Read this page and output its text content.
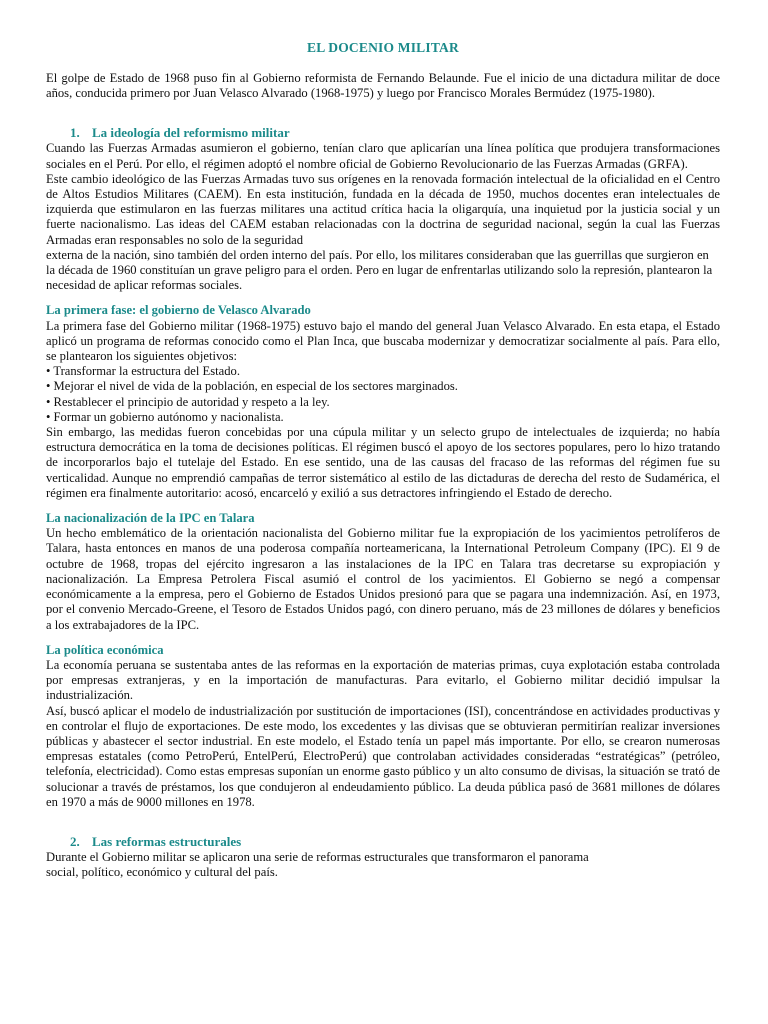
EL DOCENIO MILITAR

El golpe de Estado de 1968 puso fin al Gobierno reformista de Fernando Belaunde. Fue el inicio de una dictadura militar de doce años, conducida primero por Juan Velasco Alvarado (1968-1975) y luego por Francisco Morales Bermúdez (1975-1980).

1. La ideología del reformismo militar

Cuando las Fuerzas Armadas asumieron el gobierno, tenían claro que aplicarían una línea política que produjera transformaciones sociales en el Perú. Por ello, el régimen adoptó el nombre oficial de Gobierno Revolucionario de las Fuerzas Armadas (GRFA).

Este cambio ideológico de las Fuerzas Armadas tuvo sus orígenes en la renovada formación intelectual de la oficialidad en el Centro de Altos Estudios Militares (CAEM). En esta institución, fundada en la década de 1950, muchos docentes eran intelectuales de izquierda que estimularon en las fuerzas militares una actitud crítica hacia la oligarquía, una inquietud por la justicia social y un fuerte nacionalismo. Las ideas del CAEM estaban relacionadas con la doctrina de seguridad nacional, según la cual las Fuerzas Armadas eran responsables no solo de la seguridad

externa de la nación, sino también del orden interno del país. Por ello, los militares consideraban que las guerrillas que surgieron en la década de 1960 constituían un grave peligro para el orden. Pero en lugar de enfrentarlas utilizando solo la represión, plantearon la necesidad de aplicar reformas sociales.

La primera fase: el gobierno de Velasco Alvarado

La primera fase del Gobierno militar (1968-1975) estuvo bajo el mando del general Juan Velasco Alvarado. En esta etapa, el Estado aplicó un programa de reformas conocido como el Plan Inca, que buscaba modernizar y democratizar socialmente al país. Para ello, se plantearon los siguientes objetivos:

• Transformar la estructura del Estado.
• Mejorar el nivel de vida de la población, en especial de los sectores marginados.
• Restablecer el principio de autoridad y respeto a la ley.
• Formar un gobierno autónomo y nacionalista.

Sin embargo, las medidas fueron concebidas por una cúpula militar y un selecto grupo de intelectuales de izquierda; no había estructura democrática en la toma de decisiones políticas. El régimen buscó el apoyo de los sectores populares, pero lo hizo tratando de incorporarlos bajo el tutelaje del Estado. En ese sentido, una de las causas del fracaso de las reformas del régimen fue su verticalidad. Aunque no emprendió campañas de terror sistemático al estilo de las dictaduras de derecha del resto de Sudamérica, el régimen era finalmente autoritario: acosó, encarceló y exilió a sus detractores infringiendo el Estado de derecho.

La nacionalización de la IPC en Talara

Un hecho emblemático de la orientación nacionalista del Gobierno militar fue la expropiación de los yacimientos petrolíferos de Talara, hasta entonces en manos de una poderosa compañía norteamericana, la International Petroleum Company (IPC). El 9 de octubre de 1968, tropas del ejército ingresaron a las instalaciones de la IPC en Talara tras decretarse su expropiación y nacionalización. La Empresa Petrolera Fiscal asumió el control de los yacimientos. El Gobierno se negó a compensar económicamente a la empresa, pero el Gobierno de Estados Unidos presionó para que se pagara una indemnización. Así, en 1973, por el convenio Mercado-Greene, el Tesoro de Estados Unidos pagó, con dinero peruano, más de 23 millones de dólares y beneficios a los extrabajadores de la IPC.

La política económica

La economía peruana se sustentaba antes de las reformas en la exportación de materias primas, cuya explotación estaba controlada por empresas extranjeras, y en la importación de manufacturas. Para evitarlo, el Gobierno militar decidió impulsar la industrialización.

Así, buscó aplicar el modelo de industrialización por sustitución de importaciones (ISI), concentrándose en actividades productivas y en controlar el flujo de exportaciones. De este modo, los excedentes y las divisas que se obtuvieran permitirían realizar inversiones públicas y abastecer el sector industrial. En este modelo, el Estado tenía un papel más importante. Por ello, se crearon numerosas empresas estatales (como PetroPerú, EntelPerú, ElectroPerú) que controlaban actividades consideradas “estratégicas” (petróleo, telefonía, electricidad). Como estas empresas suponían un enorme gasto público y un alto consumo de divisas, la situación se trató de solucionar a través de préstamos, los que condujeron al endeudamiento público. La deuda pública pasó de 3681 millones de dólares en 1970 a más de 9000 millones en 1978.

2. Las reformas estructurales

Durante el Gobierno militar se aplicaron una serie de reformas estructurales que transformaron el panorama

social, político, económico y cultural del país.
